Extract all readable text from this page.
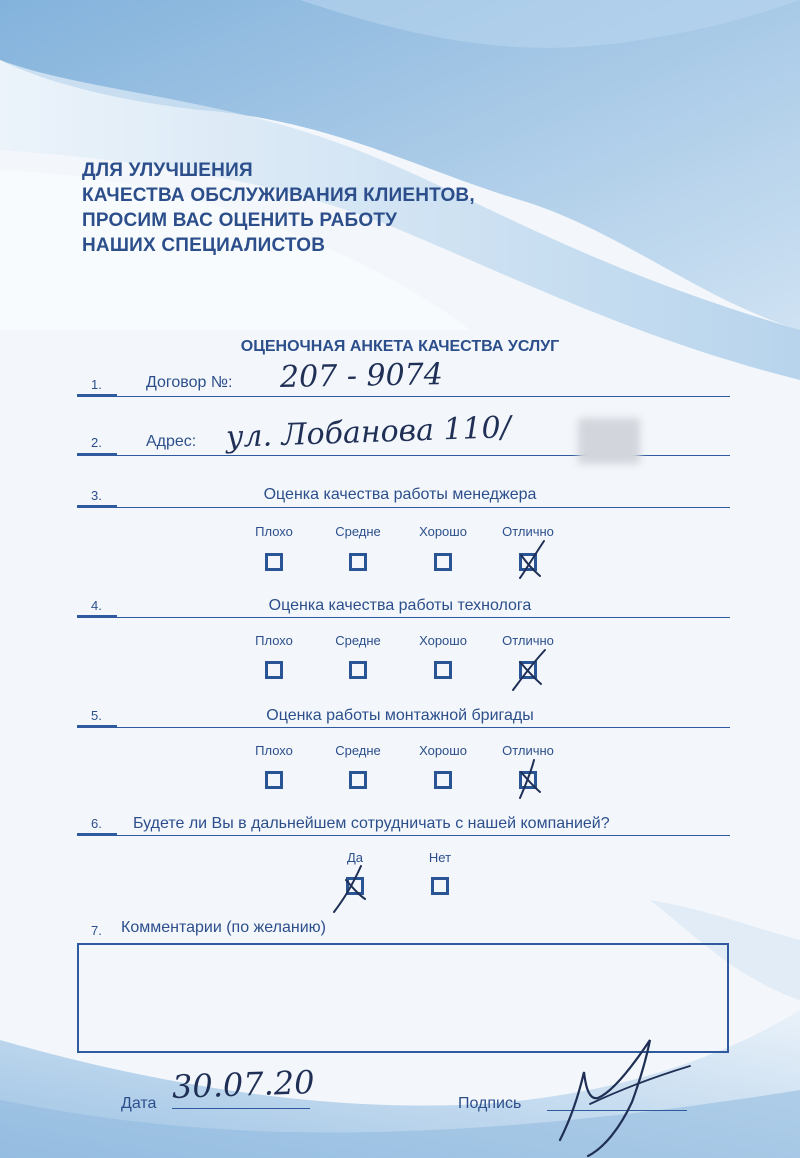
ДЛЯ УЛУЧШЕНИЯ
КАЧЕСТВА ОБСЛУЖИВАНИЯ КЛИЕНТОВ,
ПРОСИМ ВАС ОЦЕНИТЬ РАБОТУ
НАШИХ СПЕЦИАЛИСТОВ
ОЦЕНОЧНАЯ АНКЕТА КАЧЕСТВА УСЛУГ
1.	Договор №: 207 - 9074
2.	Адрес: ул. Лобанова 110/
3.	Оценка качества работы менеджера
Плохо	Средне	Хорошо	Отлично
4.	Оценка качества работы технолога
Плохо	Средне	Хорошо	Отлично
5.	Оценка работы монтажной бригады
Плохо	Средне	Хорошо	Отлично
6. Будете ли Вы в дальнейшем сотрудничать с нашей компанией?
Да	Нет
7. Комментарии (по желанию)
Дата 30.07.20	Подпись
